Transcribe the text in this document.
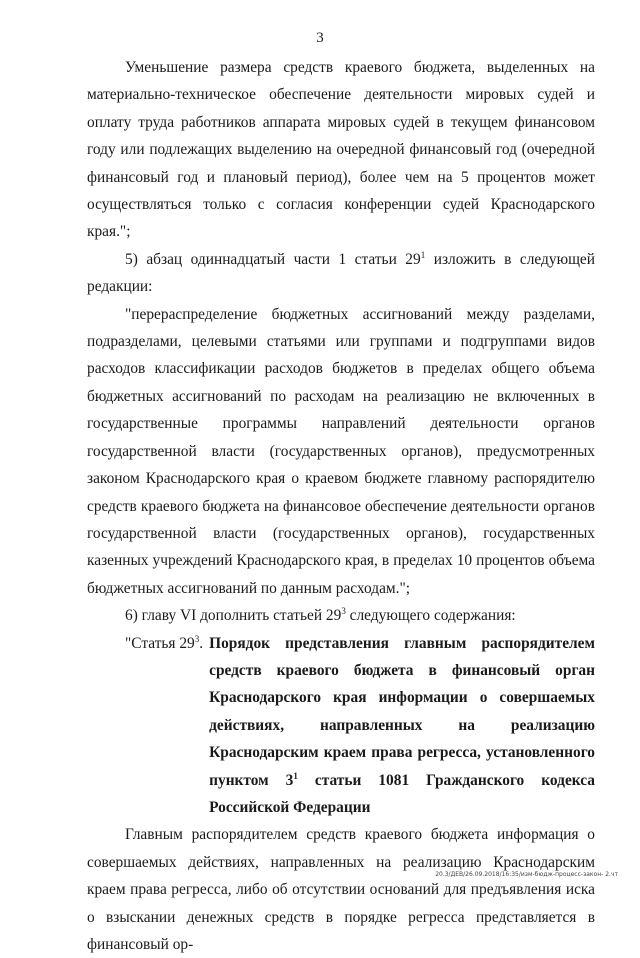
3

Уменьшение размера средств краевого бюджета, выделенных на материально-техническое обеспечение деятельности мировых судей и оплату труда работников аппарата мировых судей в текущем финансовом году или подлежащих выделению на очередной финансовый год (очередной финансовый год и плановый период), более чем на 5 процентов может осуществляться только с согласия конференции судей Краснодарского края.";

5) абзац одиннадцатый части 1 статьи $29^1$ изложить в следующей редакции:

"перераспределение бюджетных ассигнований между разделами, подразделами, целевыми статьями или группами и подгруппами видов расходов классификации расходов бюджетов в пределах общего объема бюджетных ассигнований по расходам на реализацию не включенных в государственные программы направлений деятельности органов государственной власти (государственных органов), предусмотренных законом Краснодарского края о краевом бюджете главному распорядителю средств краевого бюджета на финансовое обеспечение деятельности органов государственной власти (государственных органов), государственных казенных учреждений Краснодарского края, в пределах 10 процентов объема бюджетных ассигнований по данным расходам.";

6) главу VI дополнить статьей $29^3$ следующего содержания:

"Статья $29^3$. Порядок представления главным распорядителем средств краевого бюджета в финансовый орган Краснодарского края информации о совершаемых действиях, направленных на реализацию Краснодарским краем права регресса, установленного пунктом $3^1$ статьи 1081 Гражданского кодекса Российской Федерации

Главным распорядителем средств краевого бюджета информация о совершаемых действиях, направленных на реализацию Краснодарским краем права регресса, либо об отсутствии оснований для предъявления иска о взыскании денежных средств в порядке регресса представляется в финансовый ор-

20.3/ДЕВ/26.09.2018/16:35/изм-бюдж-процесс-закон- 2.чт
